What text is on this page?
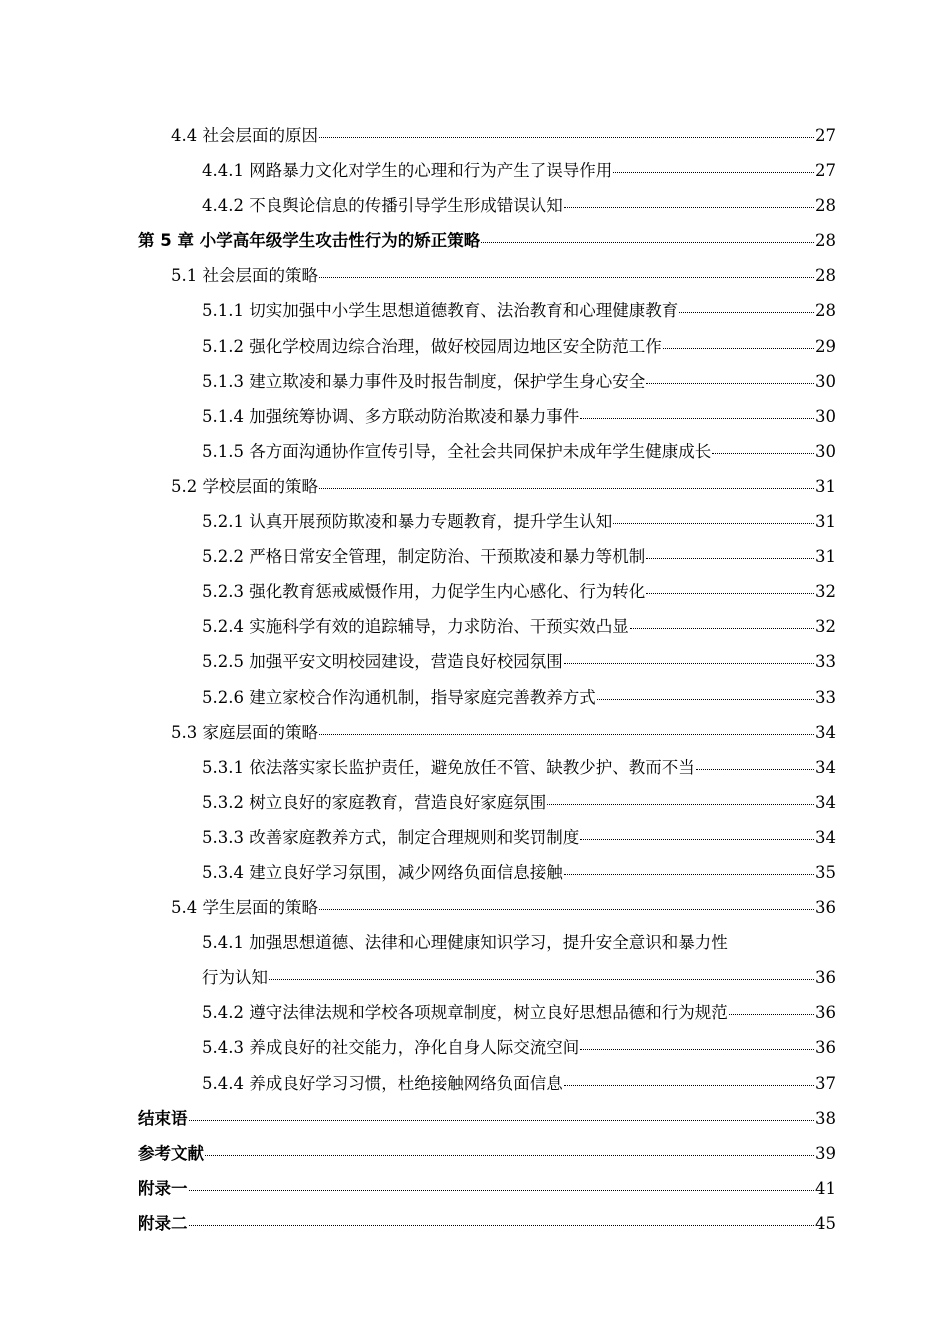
4.4 社会层面的原因	27
4.4.1 网路暴力文化对学生的心理和行为产生了误导作用	27
4.4.2 不良舆论信息的传播引导学生形成错误认知	28
第 5 章 小学高年级学生攻击性行为的矫正策略	28
5.1 社会层面的策略	28
5.1.1 切实加强中小学生思想道德教育、法治教育和心理健康教育	28
5.1.2 强化学校周边综合治理，做好校园周边地区安全防范工作	29
5.1.3 建立欺凌和暴力事件及时报告制度，保护学生身心安全	30
5.1.4 加强统筹协调、多方联动防治欺凌和暴力事件	30
5.1.5 各方面沟通协作宣传引导，全社会共同保护未成年学生健康成长	30
5.2 学校层面的策略	31
5.2.1 认真开展预防欺凌和暴力专题教育，提升学生认知	31
5.2.2 严格日常安全管理，制定防治、干预欺凌和暴力等机制	31
5.2.3 强化教育惩戒威慑作用，力促学生内心感化、行为转化	32
5.2.4 实施科学有效的追踪辅导，力求防治、干预实效凸显	32
5.2.5 加强平安文明校园建设，营造良好校园氛围	33
5.2.6 建立家校合作沟通机制，指导家庭完善教养方式	33
5.3 家庭层面的策略	34
5.3.1 依法落实家长监护责任，避免放任不管、缺教少护、教而不当	34
5.3.2 树立良好的家庭教育，营造良好家庭氛围	34
5.3.3 改善家庭教养方式，制定合理规则和奖罚制度	34
5.3.4 建立良好学习氛围，减少网络负面信息接触	35
5.4 学生层面的策略	36
5.4.1 加强思想道德、法律和心理健康知识学习，提升安全意识和暴力性
行为认知	36
5.4.2 遵守法律法规和学校各项规章制度，树立良好思想品德和行为规范	36
5.4.3 养成良好的社交能力，净化自身人际交流空间	36
5.4.4 养成良好学习习惯，杜绝接触网络负面信息	37
结束语	38
参考文献	39
附录一	41
附录二	45
